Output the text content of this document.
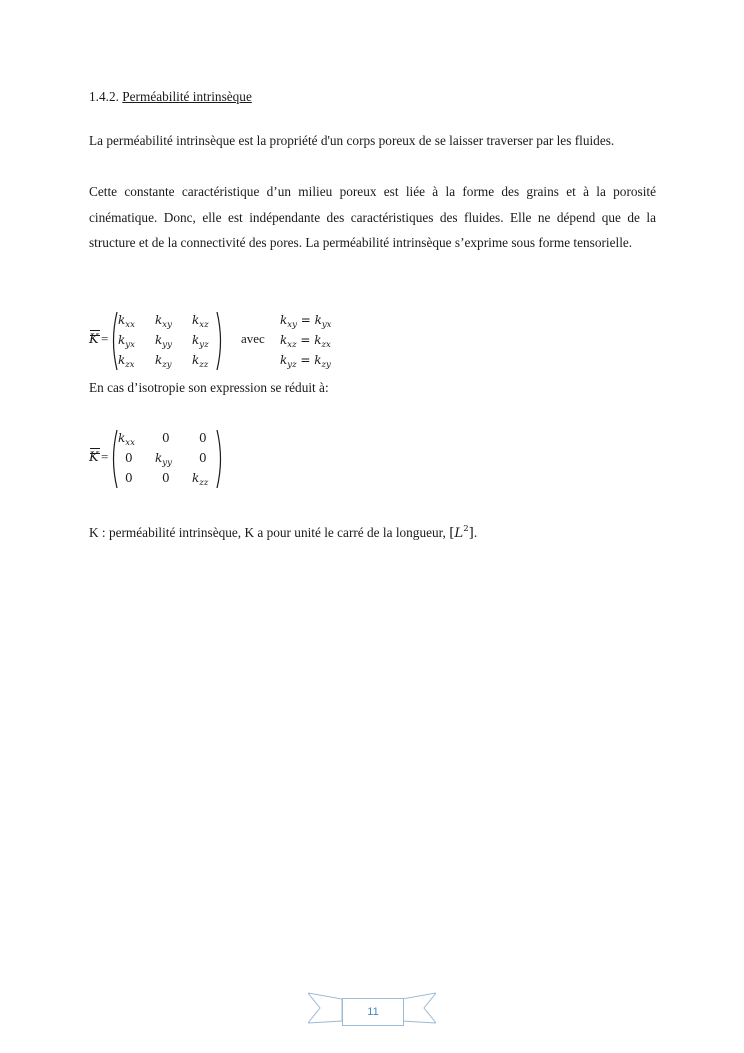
1.4.2. Perméabilité intrinsèque
La perméabilité intrinsèque est la propriété d'un corps poreux de se laisser traverser par les fluides.
Cette constante caractéristique d’un milieu poreux est liée à la forme des grains et à la porosité cinématique. Donc, elle est indépendante des caractéristiques des fluides. Elle ne dépend que de la structure et de la connectivité des pores. La perméabilité intrinsèque s’exprime sous forme tensorielle.
K =
$k_{xx}$ $k_{xy}$ $k_{xz}$
$k_{yx}$ $k_{yy}$ $k_{yz}$
$k_{zx}$ $k_{zy}$ $k_{zz}$
avec
$k_{xy} = k_{yx}$
$k_{xz} = k_{zx}$
$k_{yz} = k_{zy}$
En cas d’isotropie son expression se réduit à:
K =
$k_{xx}$ 0 0
0 $k_{yy}$ 0
0 0 $k_{zz}$
K : perméabilité intrinsèque, K a pour unité le carré de la longueur, $[L^2]$.
11
